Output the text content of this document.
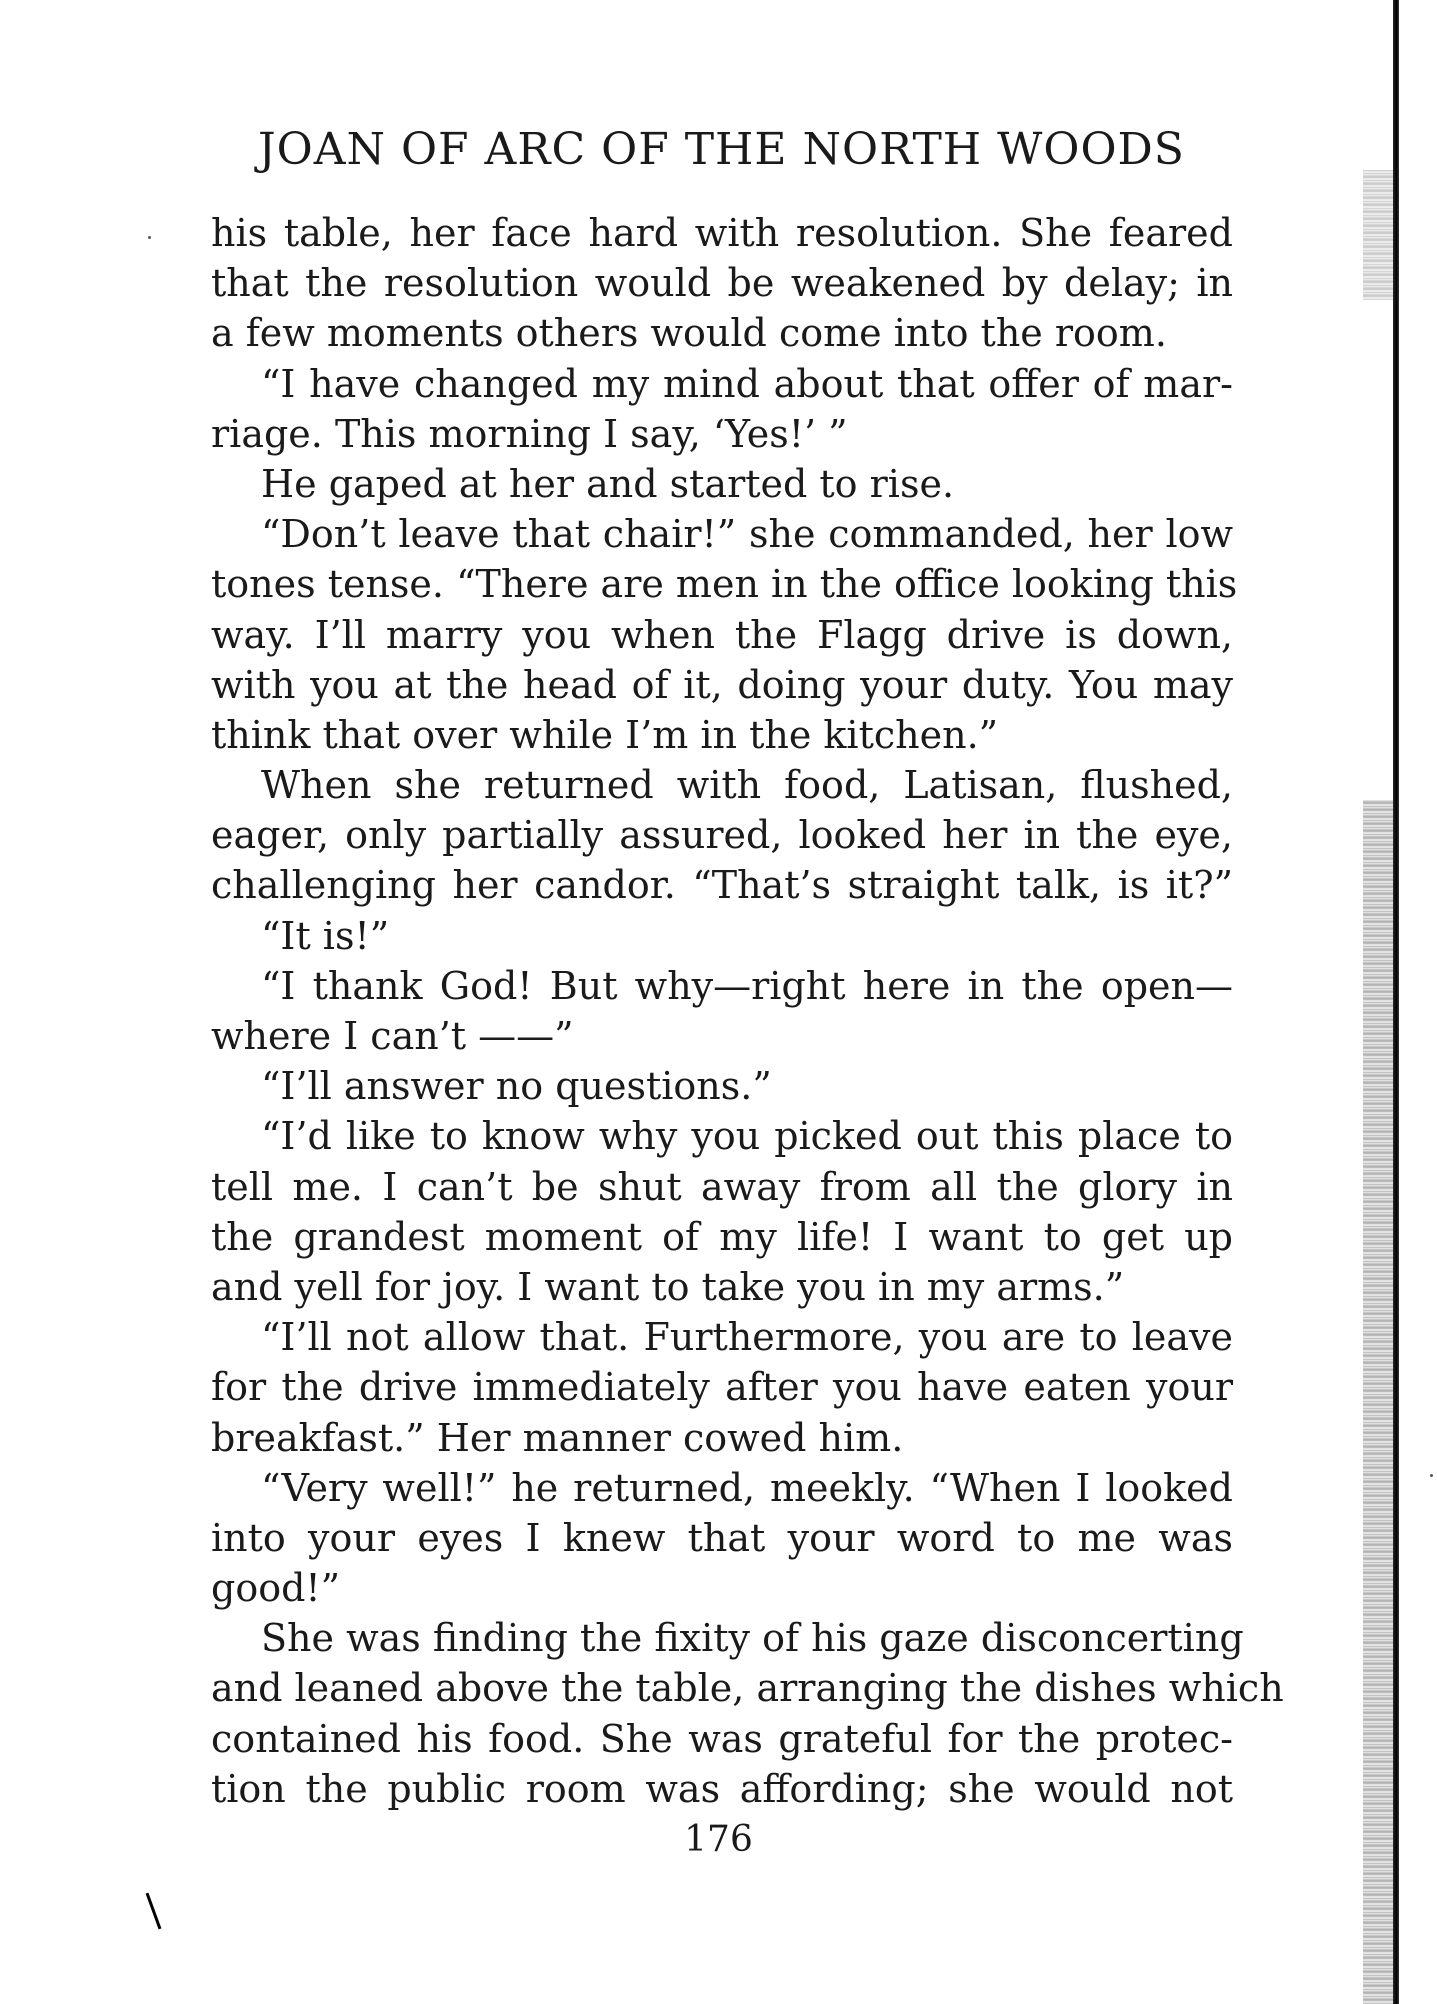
JOAN OF ARC OF THE NORTH WOODS
his table, her face hard with resolution. She feared
that the resolution would be weakened by delay; in
a few moments others would come into the room.
“I have changed my mind about that offer of mar-
riage. This morning I say, ‘Yes!’ ”
He gaped at her and started to rise.
“Don’t leave that chair!” she commanded, her low
tones tense. “There are men in the office looking this
way. I’ll marry you when the Flagg drive is down,
with you at the head of it, doing your duty. You may
think that over while I’m in the kitchen.”
When she returned with food, Latisan, flushed,
eager, only partially assured, looked her in the eye,
challenging her candor. “That’s straight talk, is it?”
“It is!”
“I thank God! But why—right here in the open—
where I can’t ——”
“I’ll answer no questions.”
“I’d like to know why you picked out this place to
tell me. I can’t be shut away from all the glory in
the grandest moment of my life! I want to get up
and yell for joy. I want to take you in my arms.”
“I’ll not allow that. Furthermore, you are to leave
for the drive immediately after you have eaten your
breakfast.” Her manner cowed him.
“Very well!” he returned, meekly. “When I looked
into your eyes I knew that your word to me was
good!”
She was finding the fixity of his gaze disconcerting
and leaned above the table, arranging the dishes which
contained his food. She was grateful for the protec-
tion the public room was affording; she would not
176
